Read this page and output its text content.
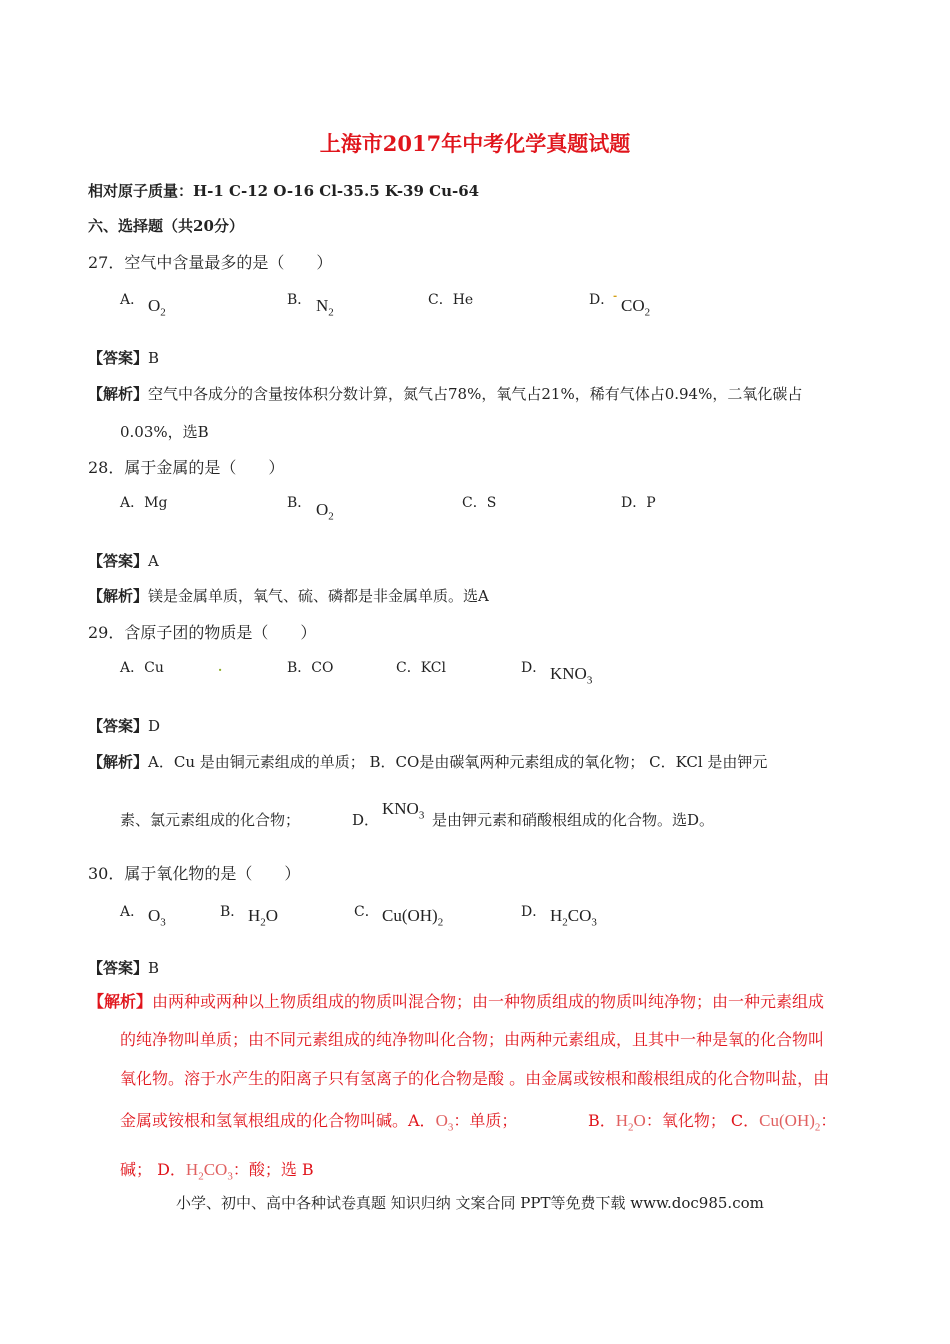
上海市2017年中考化学真题试题
相对原子质量：H-1 C-12 O-16 Cl-35.5 K-39 Cu-64
六、选择题（共20分）
27．空气中含量最多的是（　　）
A． $O_2$
B． $N_2$
C．He	D．
- $CO_2$
【答案】B
【解析】空气中各成分的含量按体积分数计算，氮气占78%，氧气占21%，稀有气体占0.94%，二氧化碳占
0.03%，选B
28．属于金属的是（　　）
A．Mg	B． $O_2$
C．S	D．P
【答案】A
【解析】镁是金属单质，氧气、硫、磷都是非金属单质。选A
29．含原子团的物质是（　　）
A．Cu	.	B．CO	C．KCl	D． $KNO_3$
【答案】D
【解析】A．Cu 是由铜元素组成的单质； B．CO是由碳氧两种元素组成的氧化物； C．KCl 是由钾元
素、氯元素组成的化合物；	D．
$KNO_3$ 是由钾元素和硝酸根组成的化合物。选D。
30．属于氧化物的是（　　）
A． $O_3$
B． $H_2O$	C． $Cu(OH)_2$
D． $H_2CO_3$
【答案】B
【解析】由两种或两种以上物质组成的物质叫混合物；由一种物质组成的物质叫纯净物；由一种元素组成
的纯净物叫单质；由不同元素组成的纯净物叫化合物；由两种元素组成，且其中一种是氧的化合物叫
氧化物。溶于水产生的阳离子只有氢离子的化合物是酸 。由金属或铵根和酸根组成的化合物叫盐，由
金属或铵根和氢氧根组成的化合物叫碱。A．$O_3$：单质；	B．$H_2O$：氧化物； C．$Cu(OH)_2$：
碱； D．$H_2CO_3$：酸；选 B
小学、初中、高中各种试卷真题 知识归纳 文案合同 PPT等免费下载 www.doc985.com
